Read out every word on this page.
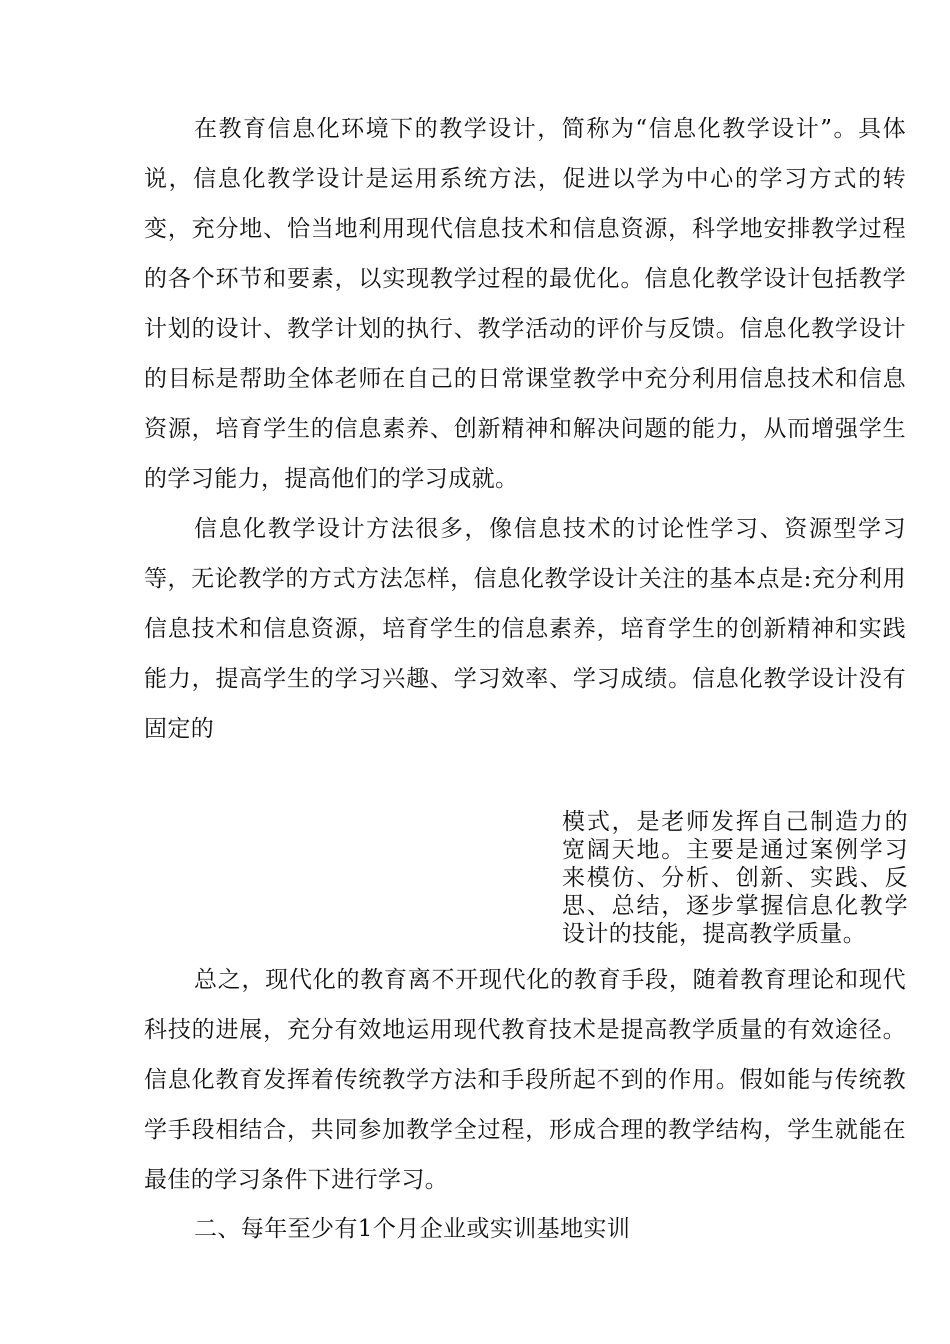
在教育信息化环境下的教学设计，简称为“信息化教学设计”。具体说，信息化教学设计是运用系统方法，促进以学为中心的学习方式的转变，充分地、恰当地利用现代信息技术和信息资源，科学地安排教学过程的各个环节和要素，以实现教学过程的最优化。信息化教学设计包括教学计划的设计、教学计划的执行、教学活动的评价与反馈。信息化教学设计的目标是帮助全体老师在自己的日常课堂教学中充分利用信息技术和信息资源，培育学生的信息素养、创新精神和解决问题的能力，从而增强学生的学习能力，提高他们的学习成就。

信息化教学设计方法很多，像信息技术的讨论性学习、资源型学习等，无论教学的方式方法怎样，信息化教学设计关注的基本点是:充分利用信息技术和信息资源，培育学生的信息素养，培育学生的创新精神和实践能力，提高学生的学习兴趣、学习效率、学习成绩。信息化教学设计没有固定的

模式，是老师发挥自己制造力的宽阔天地。主要是通过案例学习来模仿、分析、创新、实践、反思、总结，逐步掌握信息化教学设计的技能，提高教学质量。

总之，现代化的教育离不开现代化的教育手段，随着教育理论和现代科技的进展，充分有效地运用现代教育技术是提高教学质量的有效途径。信息化教育发挥着传统教学方法和手段所起不到的作用。假如能与传统教学手段相结合，共同参加教学全过程，形成合理的教学结构，学生就能在最佳的学习条件下进行学习。

二、每年至少有1个月企业或实训基地实训
